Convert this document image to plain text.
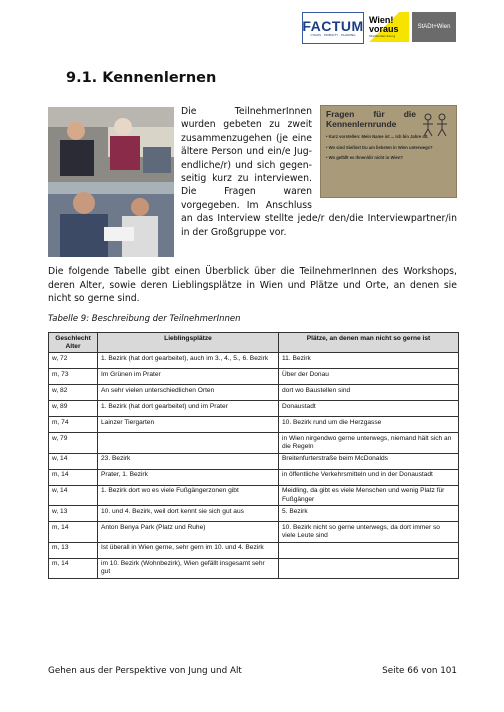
FACTUM
CHAOS · MOBILITY · PLANUNG
Wien!
voraus
Stadtentwicklung
StADt+Wien
9.1. Kennenlernen
Fragen für die Kennenlernrunde
• Kurz vorstellen: Mein Name ist ... Ich bin Jahre alt.
• Wo sind Sie/bist Du am liebsten in Wien unterwegs?
• Wo gefällt es Ihnen/dir nicht in Wien?
Die TeilnehmerInnen wurden gebeten zu zweit zusammenzugehen (je eine ältere Person und ein/e Jugendliche/r) und sich gegenseitig kurz zu interviewen. Die Fragen waren vorgegeben. Im Anschluss an das Interview stellte jede/r den/die Interviewpartner/in in der Großgruppe vor.
Die folgende Tabelle gibt einen Überblick über die TeilnehmerInnen des Workshops, deren Alter, sowie deren Lieblingsplätze in Wien und Plätze und Orte, an denen sie nicht so gerne sind.
Tabelle 9: Beschreibung der TeilnehmerInnen
Geschlecht Alter	Lieblingsplätze	Plätze, an denen man nicht so gerne ist
w, 72	1. Bezirk (hat dort gearbeitet), auch im 3., 4., 5., 6. Bezirk	11. Bezirk
m, 73	Im Grünen im Prater	Über der Donau
w, 82	An sehr vielen unterschiedlichen Orten	dort wo Baustellen sind
w, 89	1. Bezirk (hat dort gearbeitet) und im Prater	Donaustadt
m, 74	Lainzer Tiergarten	10. Bezirk rund um die Herzgasse
w, 79		in Wien nirgendwo gerne unterwegs, niemand hält sich an die Regeln
w, 14	23. Bezirk	Breitenfurterstraße beim McDonalds
m, 14	Prater, 1. Bezirk	in öffentliche Verkehrsmitteln und in der Donaustadt
w, 14	1. Bezirk dort wo es viele Fußgängerzonen gibt	Meidling, da gibt es viele Menschen und wenig Platz für Fußgänger
w, 13	10. und 4. Bezirk, weil dort kennt sie sich gut aus	5. Bezirk
m, 14	Anton Benya Park (Platz und Ruhe)	10. Bezirk nicht so gerne unterwegs, da dort immer so viele Leute sind
m, 13	Ist überall in Wien gerne, sehr gern im 10. und 4. Bezirk	
m, 14	im 10. Bezirk (Wohnbezirk), Wien gefällt insgesamt sehr gut	
Gehen aus der Perspektive von Jung und Alt	Seite 66 von 101
